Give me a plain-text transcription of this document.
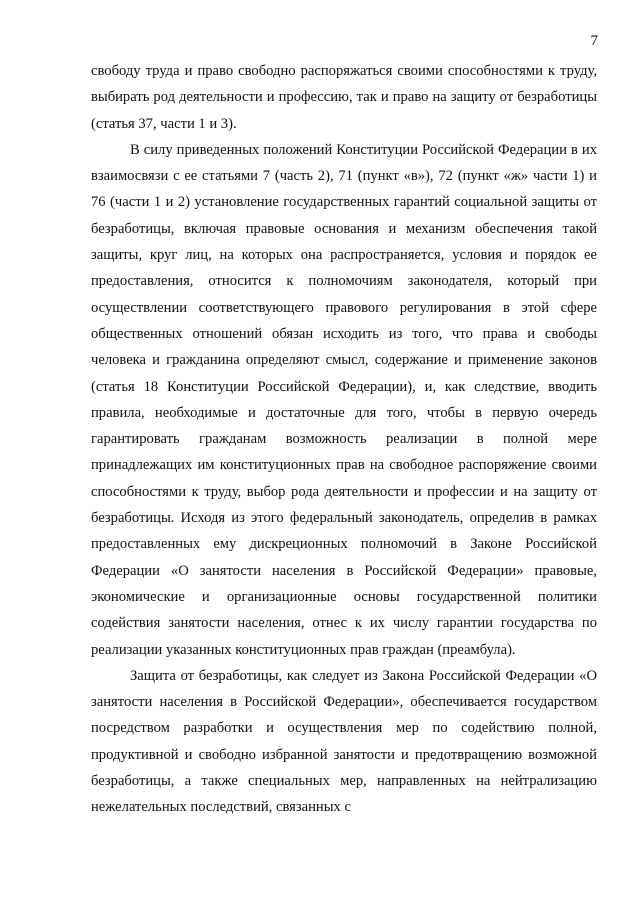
7

свободу труда и право свободно распоряжаться своими способностями к труду, выбирать род деятельности и профессию, так и право на защиту от безработицы (статья 37, части 1 и 3).

В силу приведенных положений Конституции Российской Федерации в их взаимосвязи с ее статьями 7 (часть 2), 71 (пункт «в»), 72 (пункт «ж» части 1) и 76 (части 1 и 2) установление государственных гарантий социальной защиты от безработицы, включая правовые основания и механизм обеспечения такой защиты, круг лиц, на которых она распространяется, условия и порядок ее предоставления, относится к полномочиям законодателя, который при осуществлении соответствующего правового регулирования в этой сфере общественных отношений обязан исходить из того, что права и свободы человека и гражданина определяют смысл, содержание и применение законов (статья 18 Конституции Российской Федерации), и, как следствие, вводить правила, необходимые и достаточные для того, чтобы в первую очередь гарантировать гражданам возможность реализации в полной мере принадлежащих им конституционных прав на свободное распоряжение своими способностями к труду, выбор рода деятельности и профессии и на защиту от безработицы. Исходя из этого федеральный законодатель, определив в рамках предоставленных ему дискреционных полномочий в Законе Российской Федерации «О занятости населения в Российской Федерации» правовые, экономические и организационные основы государственной политики содействия занятости населения, отнес к их числу гарантии государства по реализации указанных конституционных прав граждан (преамбула).

Защита от безработицы, как следует из Закона Российской Федерации «О занятости населения в Российской Федерации», обеспечивается государством посредством разработки и осуществления мер по содействию полной, продуктивной и свободно избранной занятости и предотвращению возможной безработицы, а также специальных мер, направленных на нейтрализацию нежелательных последствий, связанных с
